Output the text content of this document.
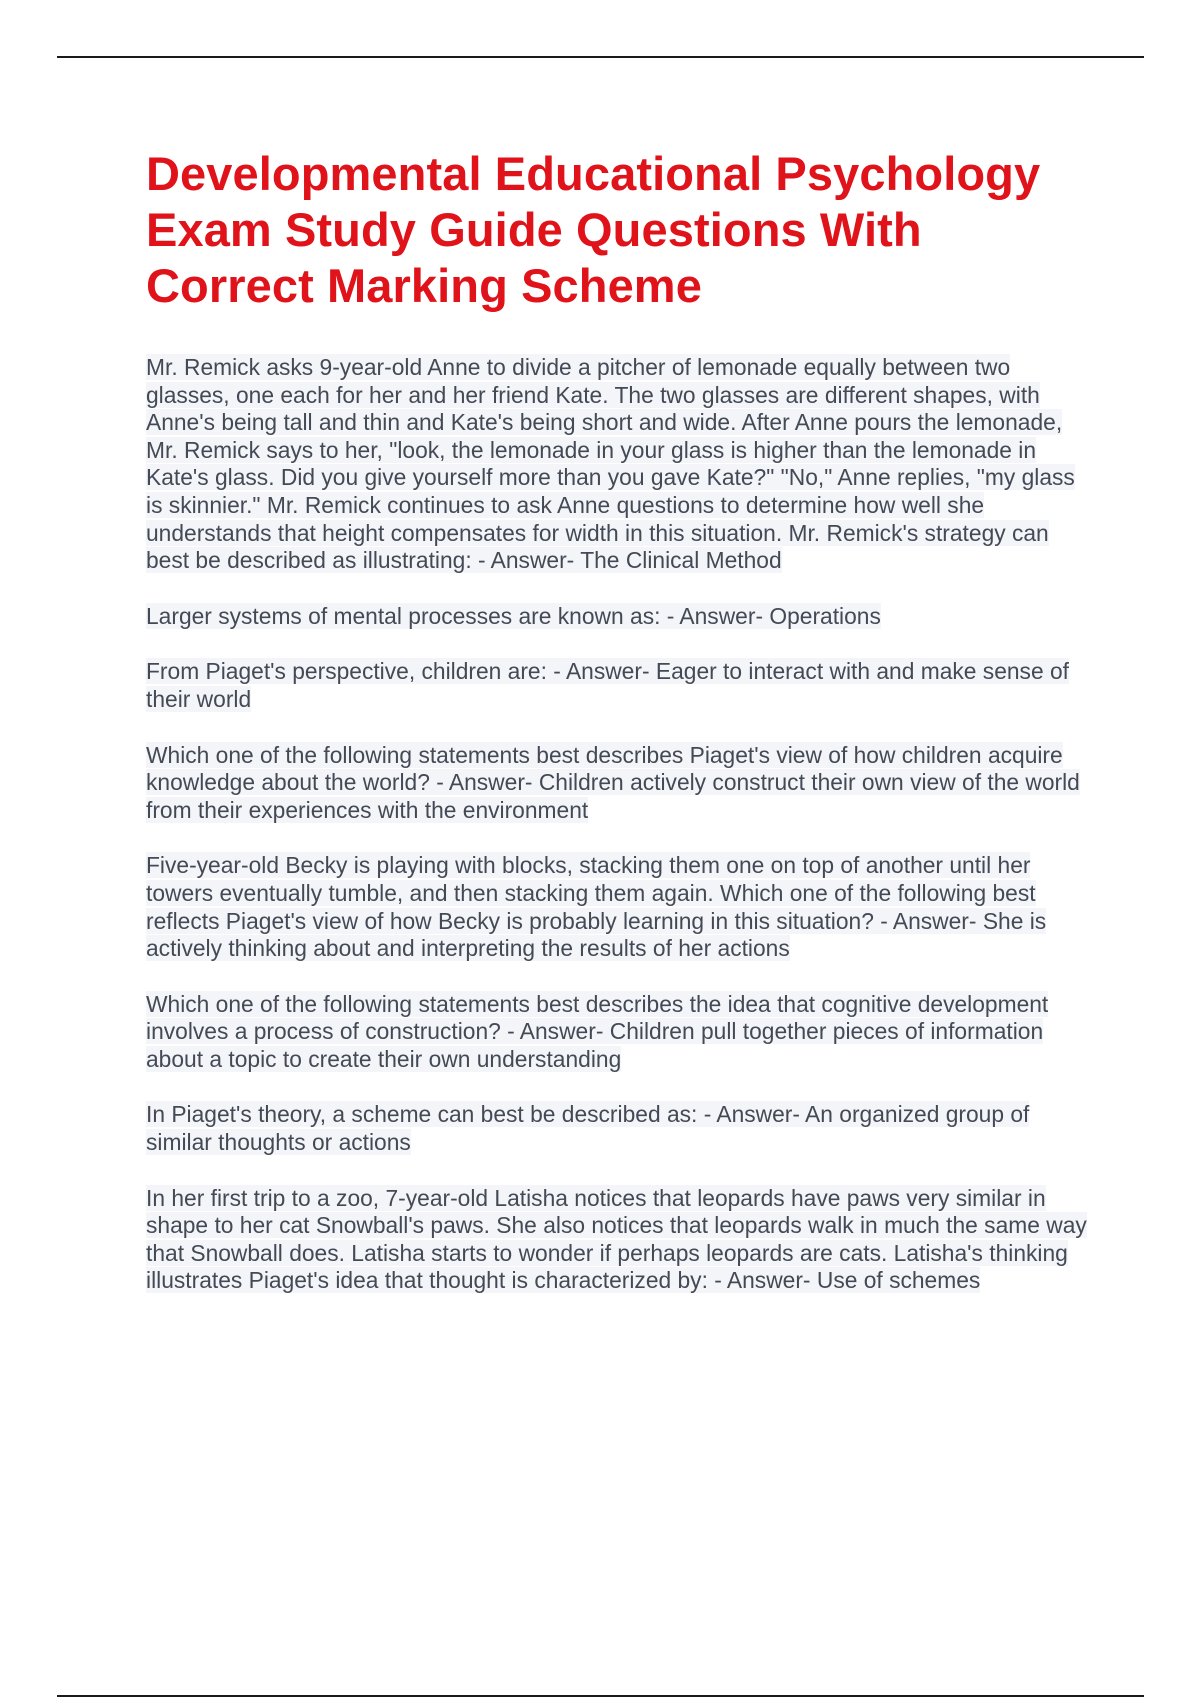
Developmental Educational Psychology Exam Study Guide Questions With Correct Marking Scheme

Mr. Remick asks 9-year-old Anne to divide a pitcher of lemonade equally between two glasses, one each for her and her friend Kate. The two glasses are different shapes, with Anne's being tall and thin and Kate's being short and wide. After Anne pours the lemonade, Mr. Remick says to her, "look, the lemonade in your glass is higher than the lemonade in Kate's glass. Did you give yourself more than you gave Kate?" "No," Anne replies, "my glass is skinnier." Mr. Remick continues to ask Anne questions to determine how well she understands that height compensates for width in this situation. Mr. Remick's strategy can best be described as illustrating: - Answer- The Clinical Method

Larger systems of mental processes are known as: - Answer- Operations

From Piaget's perspective, children are: - Answer- Eager to interact with and make sense of their world

Which one of the following statements best describes Piaget's view of how children acquire knowledge about the world? - Answer- Children actively construct their own view of the world from their experiences with the environment

Five-year-old Becky is playing with blocks, stacking them one on top of another until her towers eventually tumble, and then stacking them again. Which one of the following best reflects Piaget's view of how Becky is probably learning in this situation? - Answer- She is actively thinking about and interpreting the results of her actions

Which one of the following statements best describes the idea that cognitive development involves a process of construction? - Answer- Children pull together pieces of information about a topic to create their own understanding

In Piaget's theory, a scheme can best be described as: - Answer- An organized group of similar thoughts or actions

In her first trip to a zoo, 7-year-old Latisha notices that leopards have paws very similar in shape to her cat Snowball's paws. She also notices that leopards walk in much the same way that Snowball does. Latisha starts to wonder if perhaps leopards are cats. Latisha's thinking illustrates Piaget's idea that thought is characterized by: - Answer- Use of schemes
